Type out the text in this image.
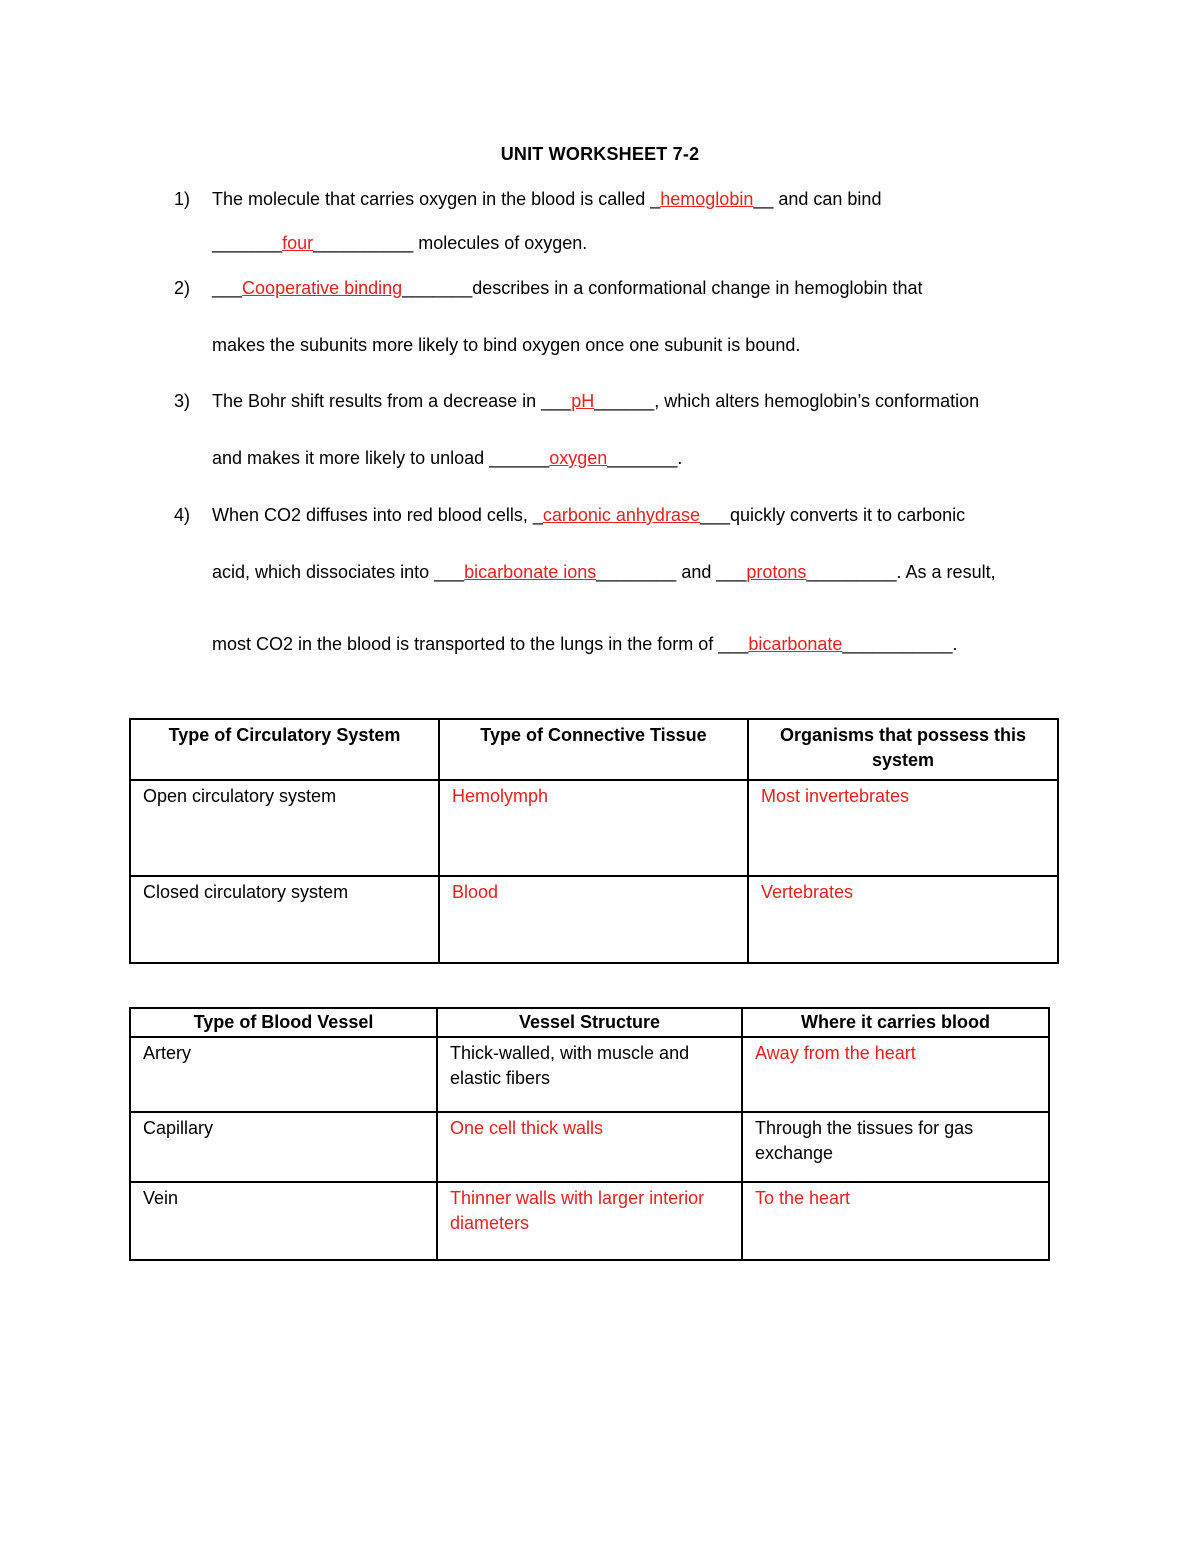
UNIT WORKSHEET 7-2
1) The molecule that carries oxygen in the blood is called _hemoglobin__ and can bind
_______four__________ molecules of oxygen.
2) ___Cooperative binding_______describes in a conformational change in hemoglobin that
makes the subunits more likely to bind oxygen once one subunit is bound.
3) The Bohr shift results from a decrease in ___pH______, which alters hemoglobin’s conformation
and makes it more likely to unload ______oxygen_______.
4) When CO2 diffuses into red blood cells, _carbonic anhydrase___quickly converts it to carbonic
acid, which dissociates into ___bicarbonate ions________ and ___protons_________. As a result,
most CO2 in the blood is transported to the lungs in the form of ___bicarbonate___________.
Type of Circulatory System	Type of Connective Tissue	Organisms that possess this system
Open circulatory system	Hemolymph	Most invertebrates
Closed circulatory system	Blood	Vertebrates
Type of Blood Vessel	Vessel Structure	Where it carries blood
Artery	Thick-walled, with muscle and elastic fibers	Away from the heart
Capillary	One cell thick walls	Through the tissues for gas exchange
Vein	Thinner walls with larger interior diameters	To the heart
